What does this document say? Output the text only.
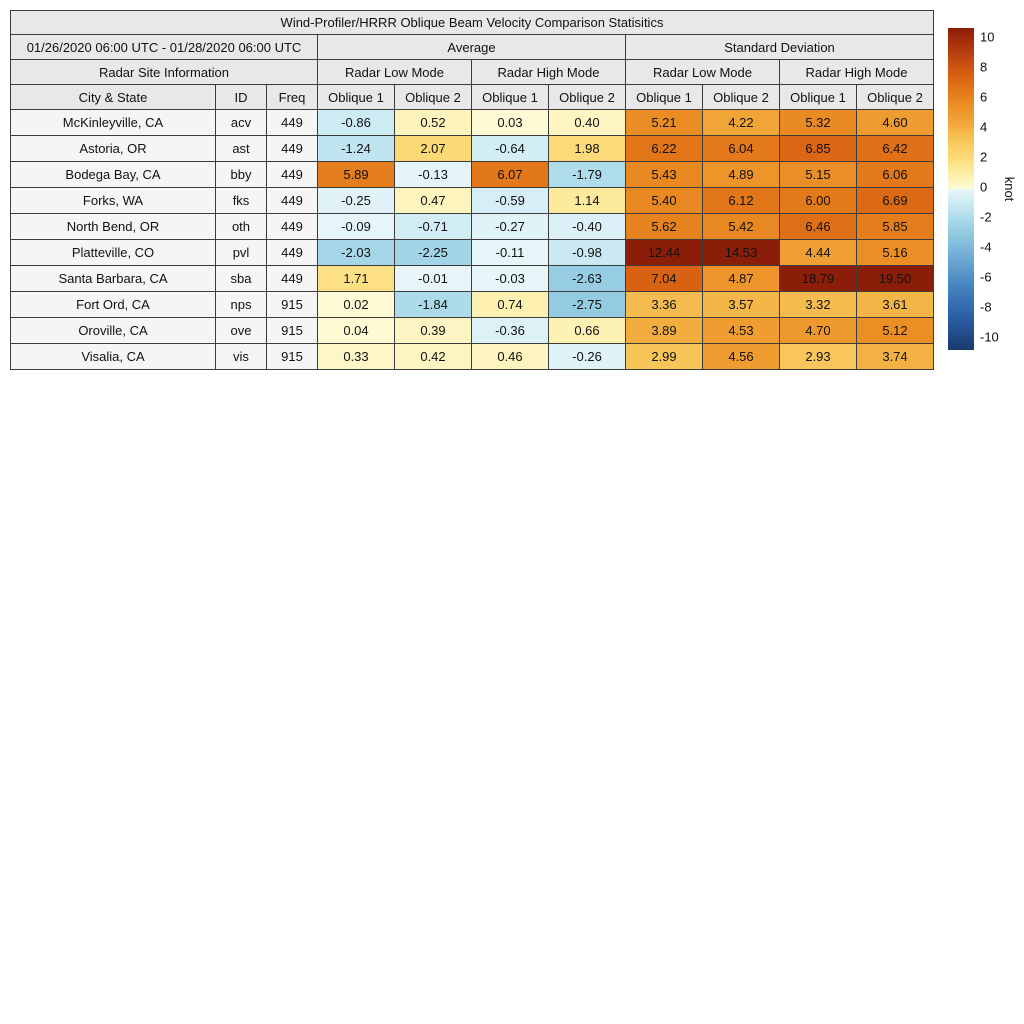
Wind-Profiler/HRRR Oblique Beam Velocity Comparison Statisitics										
01/26/2020 06:00 UTC - 01/28/2020 06:00 UTC			Average				Standard Deviation			
Radar Site Information			Radar Low Mode		Radar High Mode		Radar Low Mode		Radar High Mode	
City & State	ID	Freq	Oblique 1	Oblique 2	Oblique 1	Oblique 2	Oblique 1	Oblique 2	Oblique 1	Oblique 2
McKinleyville, CA	acv	449	-0.86	0.52	0.03	0.40	5.21	4.22	5.32	4.60
Astoria, OR	ast	449	-1.24	2.07	-0.64	1.98	6.22	6.04	6.85	6.42
Bodega Bay, CA	bby	449	5.89	-0.13	6.07	-1.79	5.43	4.89	5.15	6.06
Forks, WA	fks	449	-0.25	0.47	-0.59	1.14	5.40	6.12	6.00	6.69
North Bend, OR	oth	449	-0.09	-0.71	-0.27	-0.40	5.62	5.42	6.46	5.85
Platteville, CO	pvl	449	-2.03	-2.25	-0.11	-0.98	12.44	14.53	4.44	5.16
Santa Barbara, CA	sba	449	1.71	-0.01	-0.03	-2.63	7.04	4.87	18.79	19.50
Fort Ord, CA	nps	915	0.02	-1.84	0.74	-2.75	3.36	3.57	3.32	3.61
Oroville, CA	ove	915	0.04	0.39	-0.36	0.66	3.89	4.53	4.70	5.12
Visalia, CA	vis	915	0.33	0.42	0.46	-0.26	2.99	4.56	2.93	3.74
10
8
6
4
2
0
-2
-4
-6
-8
-10
knot
